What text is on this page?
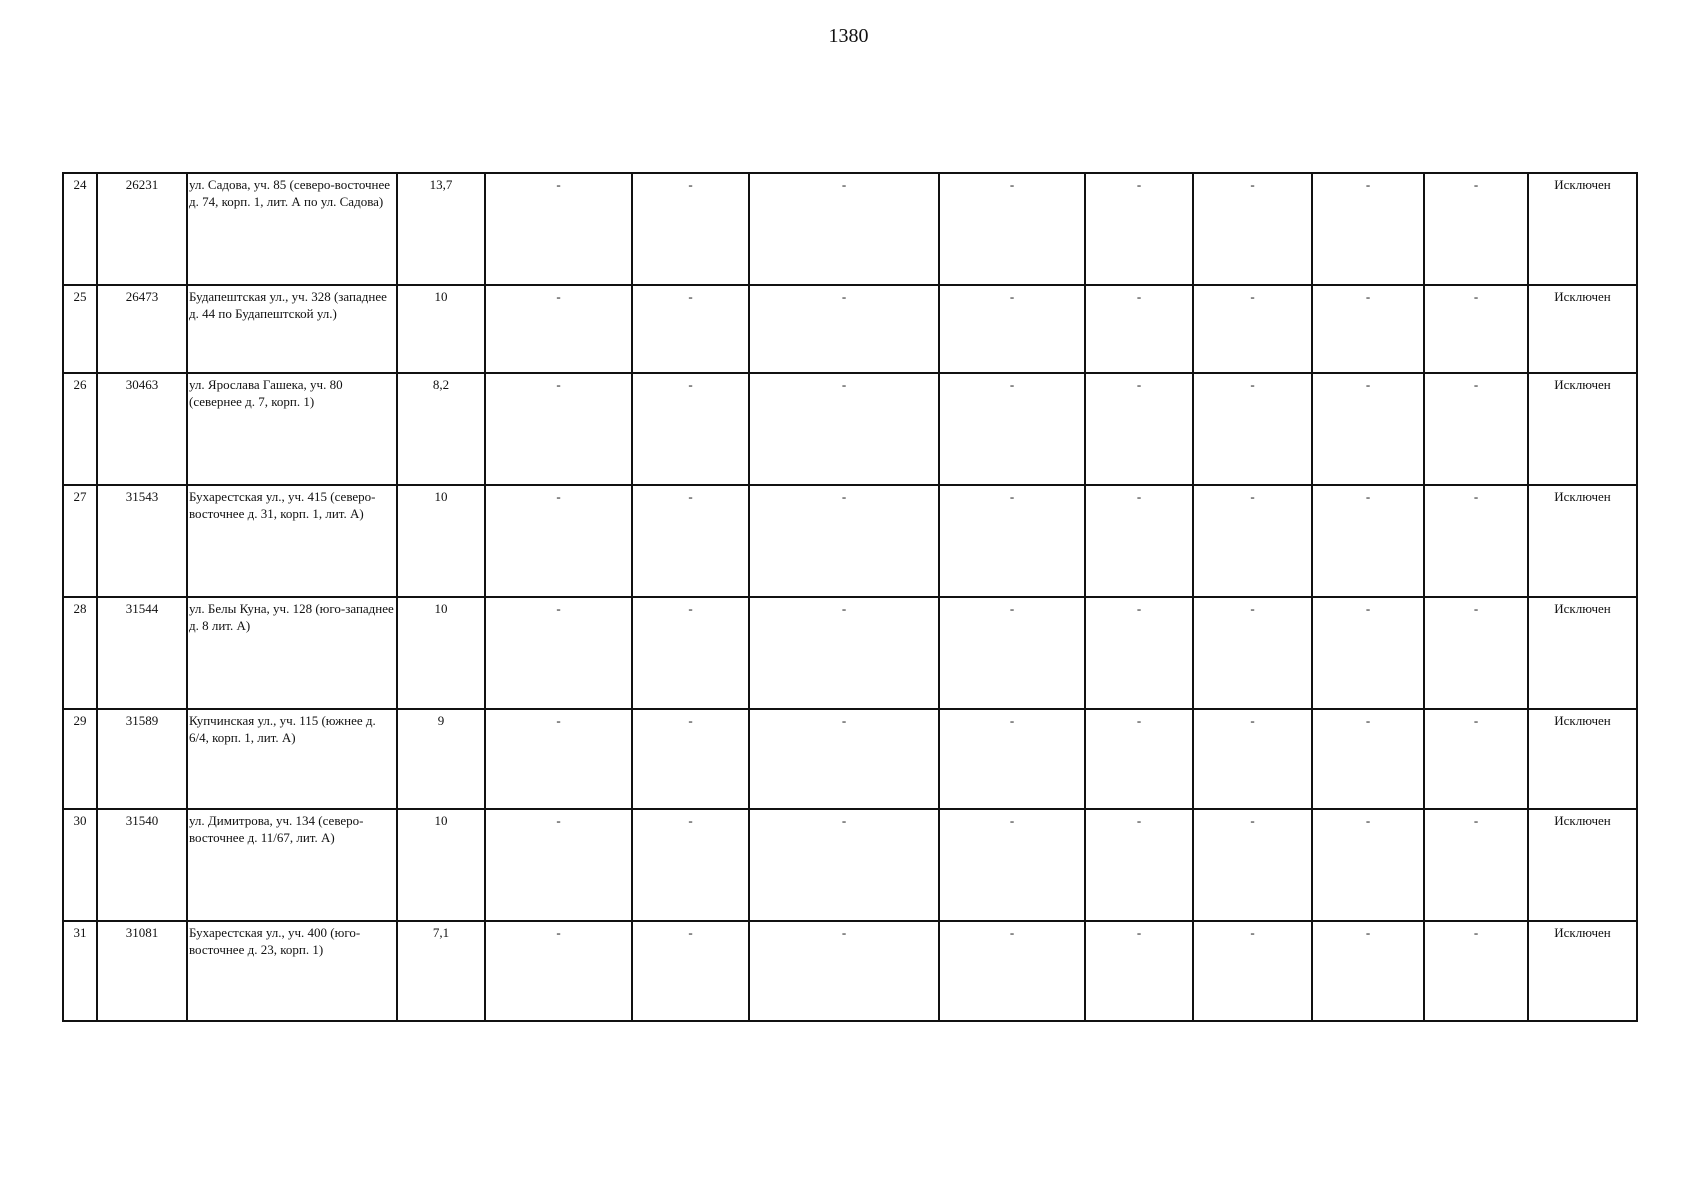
1380
24	26231	ул. Садова, уч. 85 (северо-восточнее д. 74, корп. 1, лит. А по ул. Садова)	13,7	-	-	-	-	-	-	-	-	Исключен
25	26473	Будапештская ул., уч. 328 (западнее д. 44 по Будапештской ул.)	10	-	-	-	-	-	-	-	-	Исключен
26	30463	ул. Ярослава Гашека, уч. 80 (севернее д. 7, корп. 1)	8,2	-	-	-	-	-	-	-	-	Исключен
27	31543	Бухарестская ул., уч. 415 (северо-восточнее д. 31, корп. 1, лит. А)	10	-	-	-	-	-	-	-	-	Исключен
28	31544	ул. Белы Куна, уч. 128 (юго-западнее д. 8 лит. А)	10	-	-	-	-	-	-	-	-	Исключен
29	31589	Купчинская ул., уч. 115 (южнее д. 6/4, корп. 1, лит. А)	9	-	-	-	-	-	-	-	-	Исключен
30	31540	ул. Димитрова, уч. 134 (северо-восточнее д. 11/67, лит. А)	10	-	-	-	-	-	-	-	-	Исключен
31	31081	Бухарестская ул., уч. 400 (юго-восточнее д. 23, корп. 1)	7,1	-	-	-	-	-	-	-	-	Исключен
